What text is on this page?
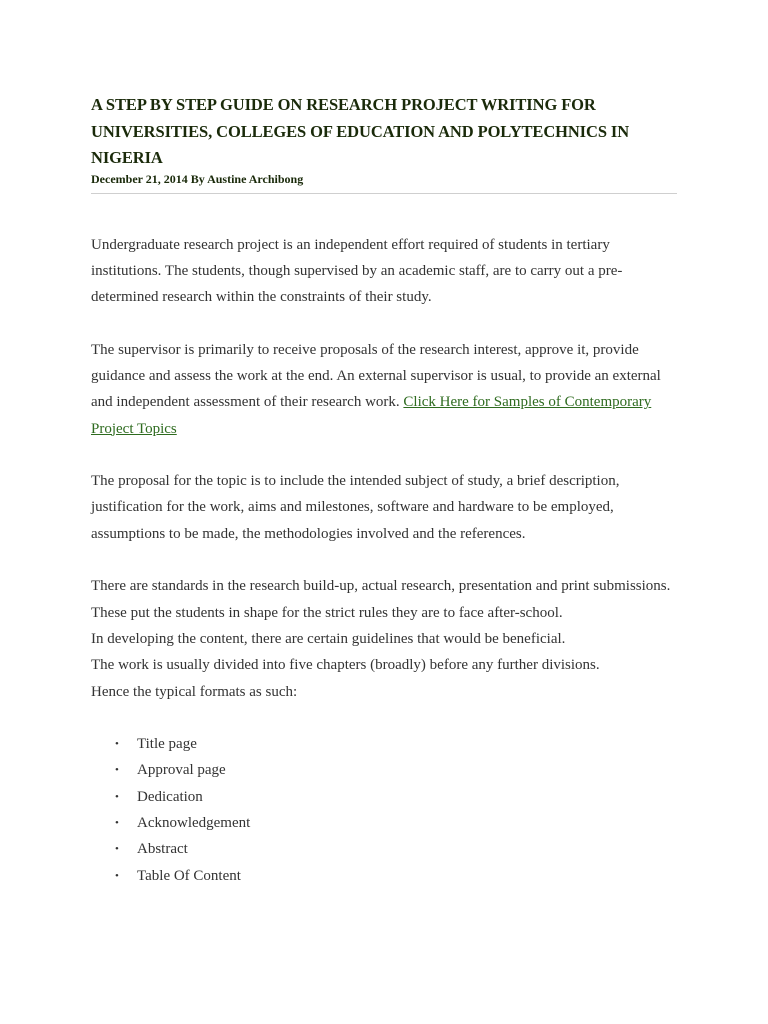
A STEP BY STEP GUIDE ON RESEARCH PROJECT WRITING FOR UNIVERSITIES, COLLEGES OF EDUCATION AND POLYTECHNICS IN NIGERIA

December 21, 2014 By Austine Archibong

Undergraduate research project is an independent effort required of students in tertiary institutions. The students, though supervised by an academic staff, are to carry out a pre-determined research within the constraints of their study.

The supervisor is primarily to receive proposals of the research interest, approve it, provide guidance and assess the work at the end. An external supervisor is usual, to provide an external and independent assessment of their research work. Click Here for Samples of Contemporary Project Topics

The proposal for the topic is to include the intended subject of study, a brief description, justification for the work, aims and milestones, software and hardware to be employed, assumptions to be made, the methodologies involved and the references.

There are standards in the research build-up, actual research, presentation and print submissions. These put the students in shape for the strict rules they are to face after-school.

In developing the content, there are certain guidelines that would be beneficial.

The work is usually divided into five chapters (broadly) before any further divisions.

Hence the typical formats as such:

• Title page
• Approval page
• Dedication
• Acknowledgement
• Abstract
• Table Of Content
